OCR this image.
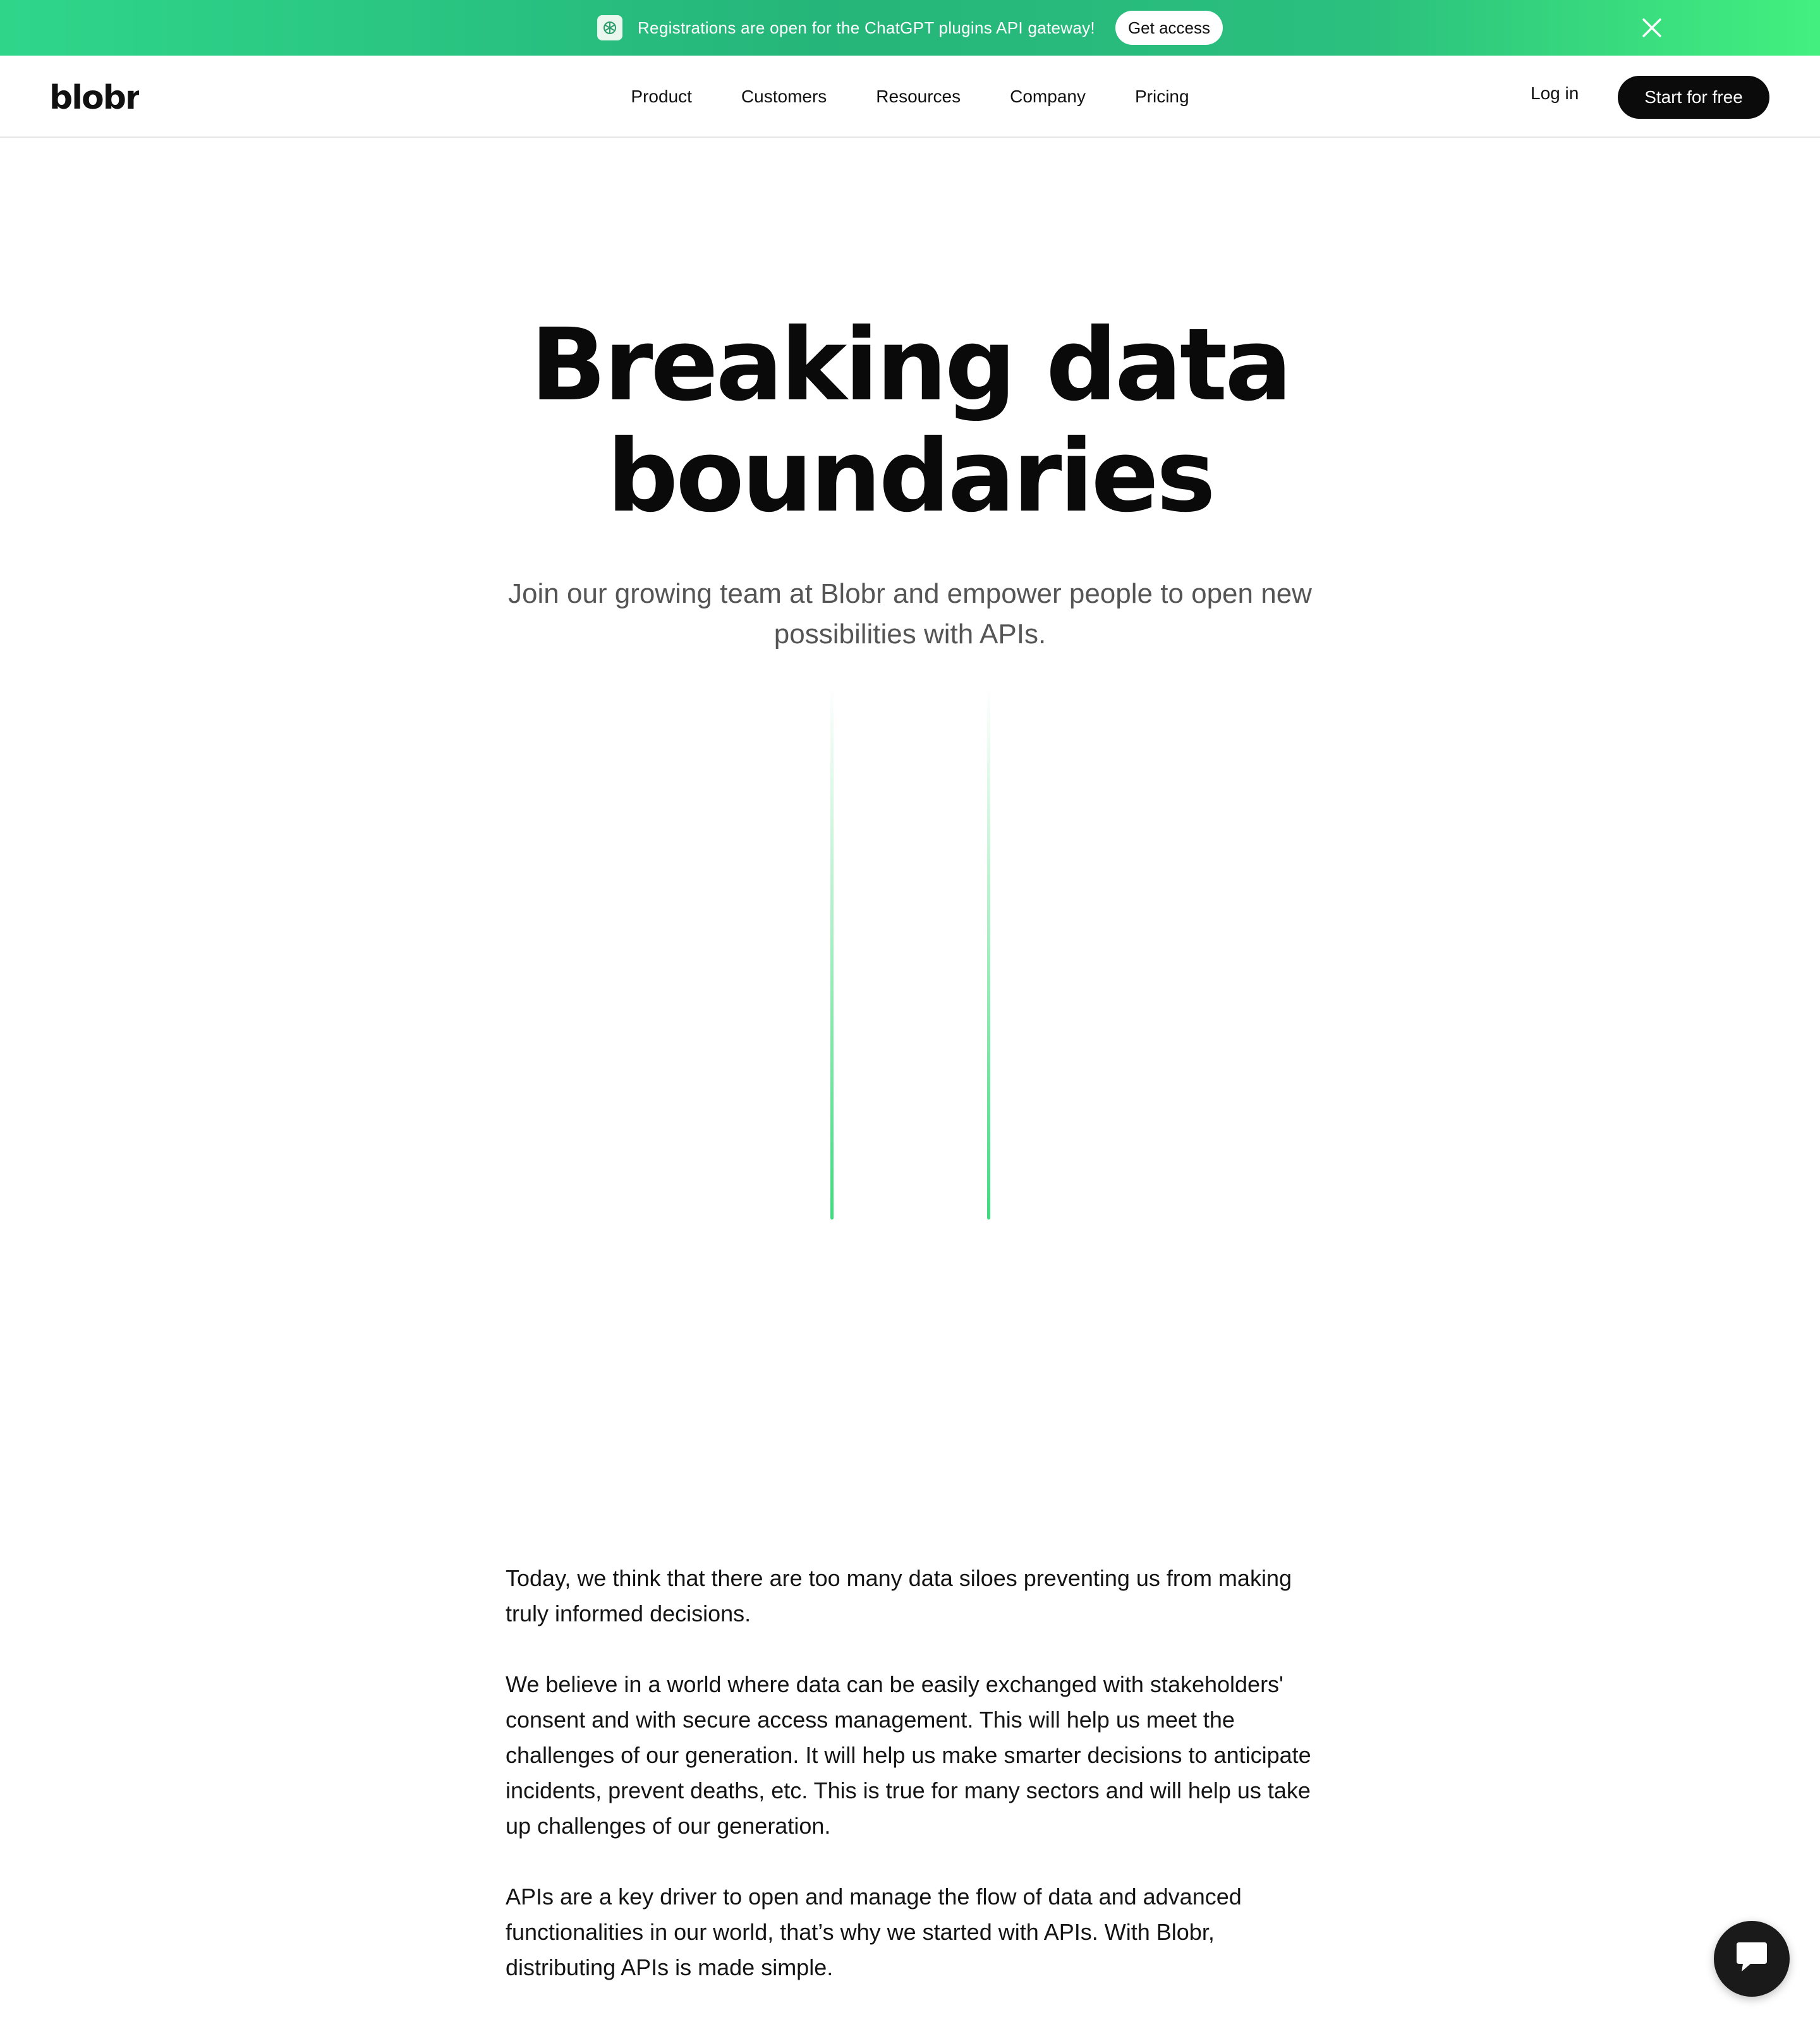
Registrations are open for the ChatGPT plugins API gateway!	Get access
blobr	Product	Customers	Resources	Company	Pricing	Log in	Start for free
Breaking data
boundaries

Join our growing team at Blobr and empower people to open new possibilities with APIs.

Today, we think that there are too many data siloes preventing us from making truly informed decisions.

We believe in a world where data can be easily exchanged with stakeholders' consent and with secure access management. This will help us meet the challenges of our generation. It will help us make smarter decisions to anticipate incidents, prevent deaths, etc. This is true for many sectors and will help us take up challenges of our generation.

APIs are a key driver to open and manage the flow of data and advanced functionalities in our world, that’s why we started with APIs. With Blobr, distributing APIs is made simple.
